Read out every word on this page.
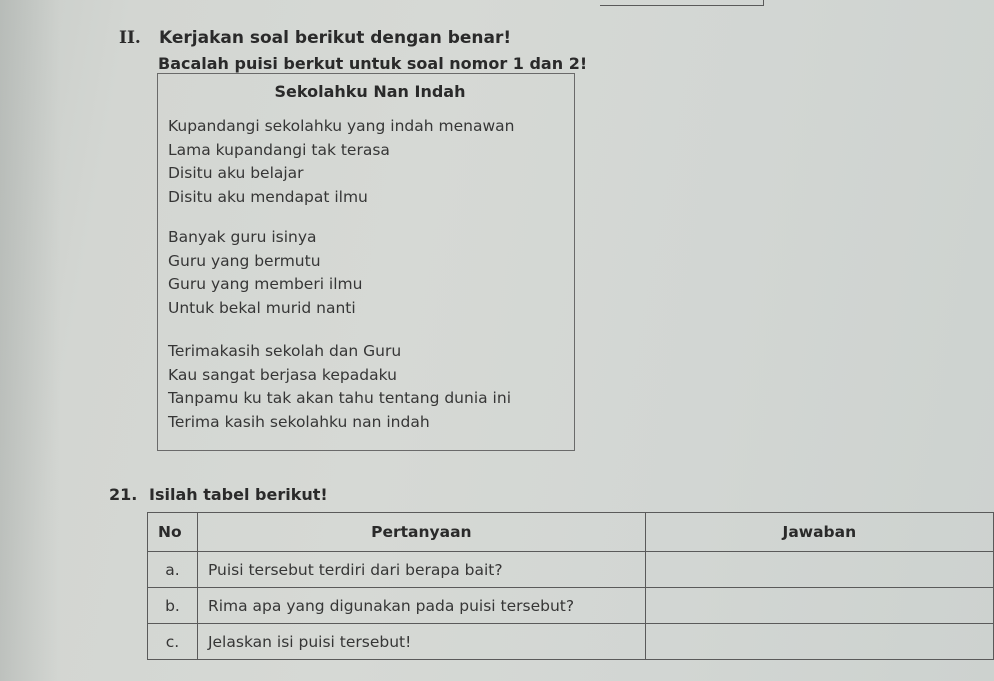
II. Kerjakan soal berikut dengan benar!
Bacalah puisi berkut untuk soal nomor 1 dan 2!
Sekolahku Nan Indah
Kupandangi sekolahku yang indah menawan
Lama kupandangi tak terasa
Disitu aku belajar
Disitu aku mendapat ilmu
Banyak guru isinya
Guru yang bermutu
Guru yang memberi ilmu
Untuk bekal murid nanti
Terimakasih sekolah dan Guru
Kau sangat berjasa kepadaku
Tanpamu ku tak akan tahu tentang dunia ini
Terima kasih sekolahku nan indah
21. Isilah tabel berikut!
No	Pertanyaan	Jawaban
a.	Puisi tersebut terdiri dari berapa bait?	
b.	Rima apa yang digunakan pada puisi tersebut?	
c.	Jelaskan isi puisi tersebut!	
